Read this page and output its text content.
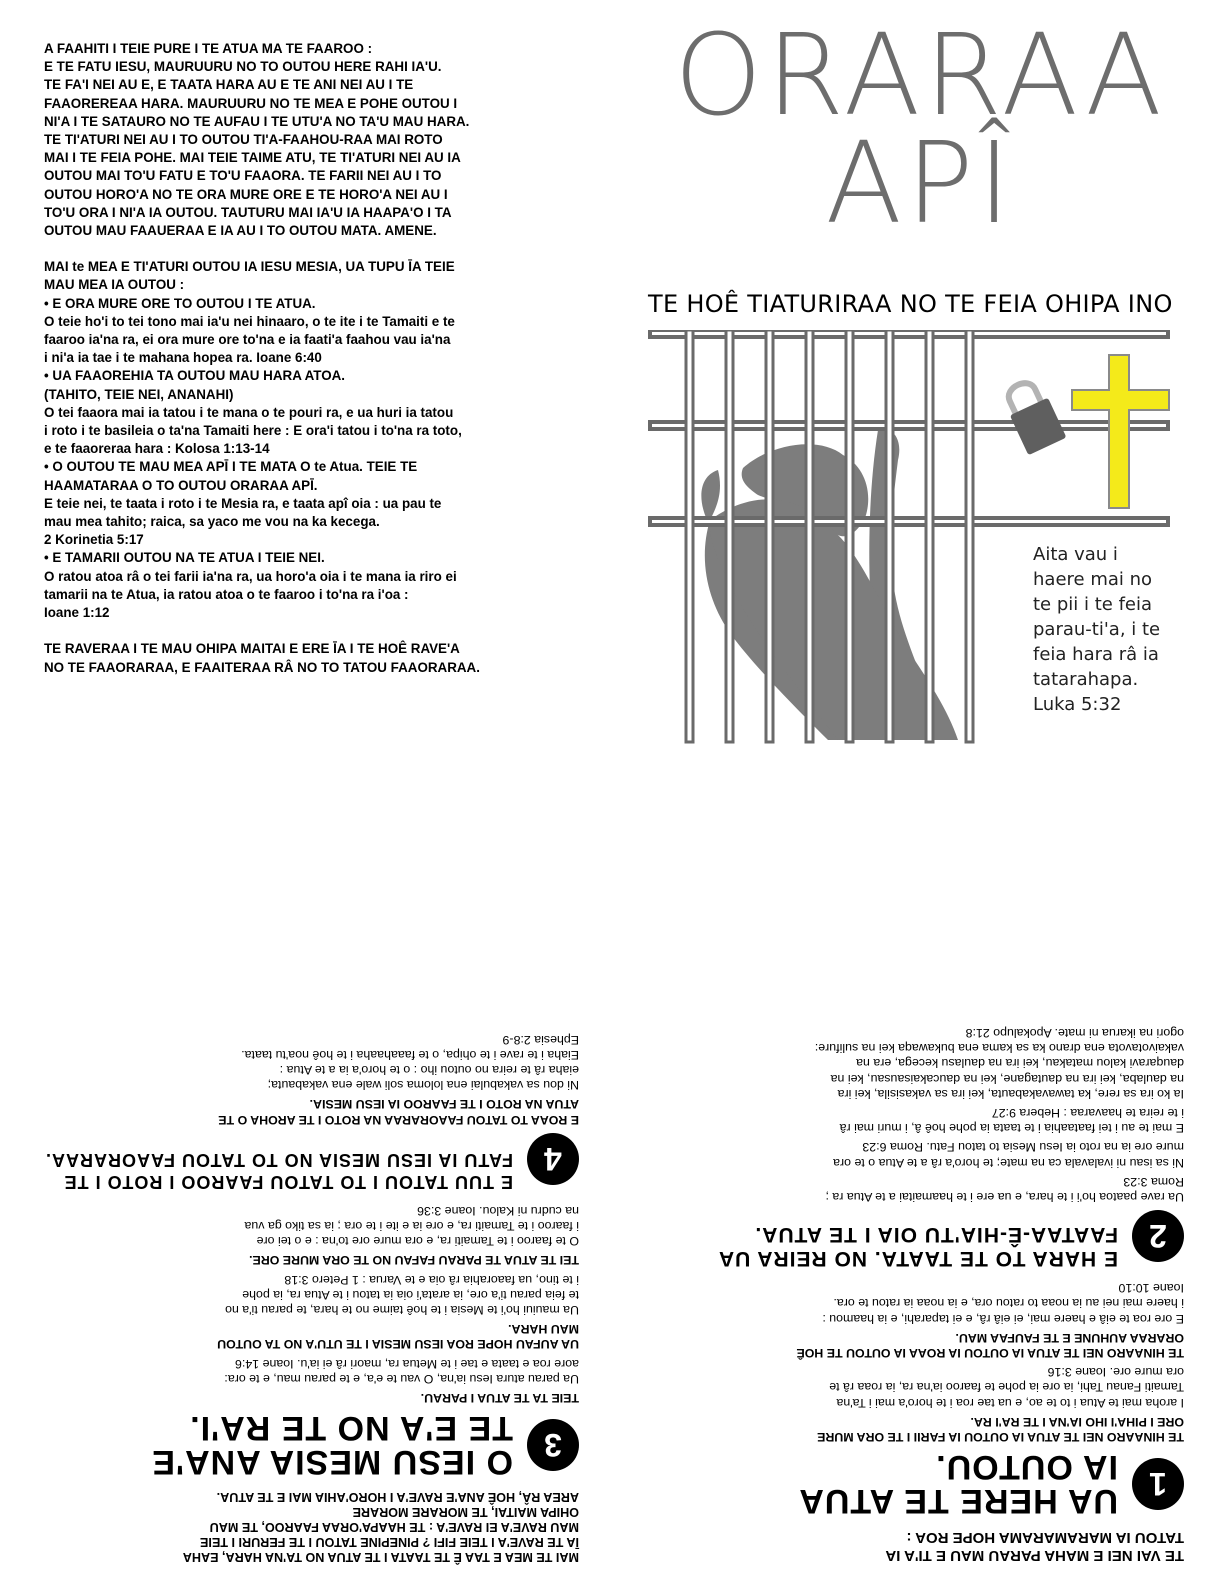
A FAAHITI I TEIE PURE I TE ATUA MA TE FAAROO :
E TE FATU IESU, MAURUURU NO TO OUTOU HERE RAHI IA'U.
TE FA'I NEI AU E, E TAATA HARA AU E TE ANI NEI AU I TE
FAAOREREAA HARA. MAURUURU NO TE MEA E POHE OUTOU I
NI'A I TE SATAURO NO TE AUFAU I TE UTU'A NO TA'U MAU HARA.
TE TI'ATURI NEI AU I TO OUTOU TI'A-FAAHOU-RAA MAI ROTO
MAI I TE FEIA POHE. MAI TEIE TAIME ATU, TE TI'ATURI NEI AU IA
OUTOU MAI TO'U FATU E TO'U FAAORA. TE FARII NEI AU I TO
OUTOU HORO'A NO TE ORA MURE ORE E TE HORO'A NEI AU I
TO'U ORA I NI'A IA OUTOU. TAUTURU MAI IA'U IA HAAPA'O I TA
OUTOU MAU FAAUERAA E IA AU I TO OUTOU MATA. AMENE.

MAI te MEA E TI'ATURI OUTOU IA IESU MESIA, UA TUPU ĪA TEIE
MAU MEA IA OUTOU :

• E ORA MURE ORE TO OUTOU I TE ATUA.

O teie ho'i to tei tono mai ia'u nei hinaaro, o te ite i te Tamaiti e te
faaroo ia'na ra, ei ora mure ore to'na e ia faati'a faahou vau ia'na
i ni'a ia tae i te mahana hopea ra. Ioane 6:40

• UA FAAOREHIA TA OUTOU MAU HARA ATOA.
(TAHITO, TEIE NEI, ANANAHI)

O tei faaora mai ia tatou i te mana o te pouri ra, e ua huri ia tatou
i roto i te basileia o ta'na Tamaiti here : E ora'i tatou i to'na ra toto,
e te faaoreraa hara : Kolosa 1:13-14

• O OUTOU TE MAU MEA APĪ I TE MATA O te Atua. TEIE TE
HAAMATARAA O TO OUTOU ORARAA APĪ.

E teie nei, te taata i roto i te Mesia ra, e taata apî oia : ua pau te
mau mea tahito; raica, sa yaco me vou na ka kecega.
2 Korinetia 5:17

• E TAMARII OUTOU NA TE ATUA I TEIE NEI.

O ratou atoa râ o tei farii ia'na ra, ua horo'a oia i te mana ia riro ei
tamarii na te Atua, ia ratou atoa o te faaroo i to'na ra i'oa :
Ioane 1:12

TE RAVERAA I TE MAU OHIPA MAITAI E ERE ĪA I TE HOÊ RAVE'A
NO TE FAAORARAA, E FAAITERAA RÂ NO TO TATOU FAAORARAA.

ORARAA
APÎ
TE HOÊ TIATURIRAA NO TE FEIA OHIPA INO

Aita vau i haere mai no te pii i te feia parau-ti'a, i te feia hara râ ia tatarahapa.

Luka 5:32

TE VAI NEI E MAHA PARAU MAU E TI'A IA
TATOU IA MARAMARAMA HOPE ROA :
1
UA HERE TE ATUA
IA OUTOU.

TE HINAARO NEI TE ATUA IA OUTOU IA FARII I TE ORA MURE
ORE I PIHA'I IHO IA'NA I TE RA'I RA.

I aroha mai te Atua i to te ao, e ua tae roa i te horo'a mai i Ta'na
Tamaiti Fanau Tahi, ia ore ia pohe te faaroo ia'na ra, ia roaa râ te
ora mure ore. Ioane 3:16

TE HINAARO NEI TE ATUA IA OUTOU IA ROAA IA OUTOU TE HOÊ
ORARAA AUHUNE E TE FAUFAA MAU.

E ore roa te eiâ e haere mai, ei eiâ râ, e ei taparahi, e ia haamou :
i haere mai nei au ia noaa to ratou ora, e ia noaa ia ratou te ora.
Ioane 10:10

2
E HARA TO TE TAATA. NO REIRA UA
FAATAA-Ê-HIA'TU OIA I TE ATUA.

Ua rave paatoa ho'i i te hara, e ua ere i te haamaitai a te Atua ra ;
Roma 3:23

Ni sa isau ni ivalavala ca na mate; te horo'a râ a te Atua o te ora
mure ore ia na roto ia Iesu Mesia to tatou Fatu. Roma 6:23

E mai te au i tei faataahia i te taata ia pohe hoê â, i muri mai râ
i te reira te haavaraa : Hebera 9:27

Ia ko ira sa rere, ka tawavakabauta, kei ira sa vakasisila, kei ira
na daulaba, kei ira na dautagane, kei na daucakaisausau, kei na
dauqaravi kalou matakau, kei ira na daulasu kecega, era na
vakaivotavota ena drano ka sa kama ena bukawaqa kei na sulifure:
ogori na ikarua ni mate. Apokalupo 21:8

MAI TE MEA E TAA Ê TE TAATA I TE ATUA NO TA'NA HARA, EAHA
ĪA TE RAVE'A I TEIE FIFI ? PINEPINE TATOU I TE FERURI I TEIE
MAU RAVE'A EI RAVE'A : TE HAAPA'ORAA FAAROO, TE MAU
OHIPA MAITAI, TE MORARE MORARE
AREA RÂ, HOÊ ANA'E RAVE'A I HORO'AHIA MAI E TE ATUA.
3
O IESU MESIA ANA'E
TE E'A NO TE RA'I.

TEIE TA TE ATUA I PARAU.

Ua parau atura Iesu ia'na, O vau te e'a, e te parau mau, e te ora:
aore roa e taata e tae i te Metua ra, maori râ ei ia'u. Ioane 14:6

UA AUFAU HOPE ROA IESU MESIA I TE UTU'A NO TA OUTOU
MAU HARA.

Ua mauiui ho'i te Mesia i te hoê taime no te hara, te parau ti'a no
te feia parau ti'a ore, ia arata'i oia ia tatou i te Atua ra, ia pohe
i te tino, ua faaorahia râ oia e te Varua : 1 Petero 3:18

TEI TE ATUA TE PARAU FAFAU NO TE ORA MURE ORE.

O te faaroo i te Tamaiti ra, e ora mure ore to'na : e o tei ore
i faaroo i te Tamaiti ra, e ore ia e ite i te ora ; ia sa tiko ga vua
na cudru ni Kalou. Ioane 3:36

4
E TUU TATOU I TO TATOU FAAROO I ROTO I TE
FATU IA IESU MESIA NO TO TATOU FAAORARAA.

E ROAA TO TATOU FAAORARAA NA ROTO I TE AROHA O TE
ATUA NA ROTO I TE FAAROO IA IESU MESIA.

Ni dou sa vakabulai ena loloma soli wale ena vakabauta;
eiaha râ te reira no outou iho : o te horo'a ia a te Atua :
Eiaha i te rave i te ohipa, o te faaahaaha i te hoê noa'tu taata.
Ephesia 2:8-9
